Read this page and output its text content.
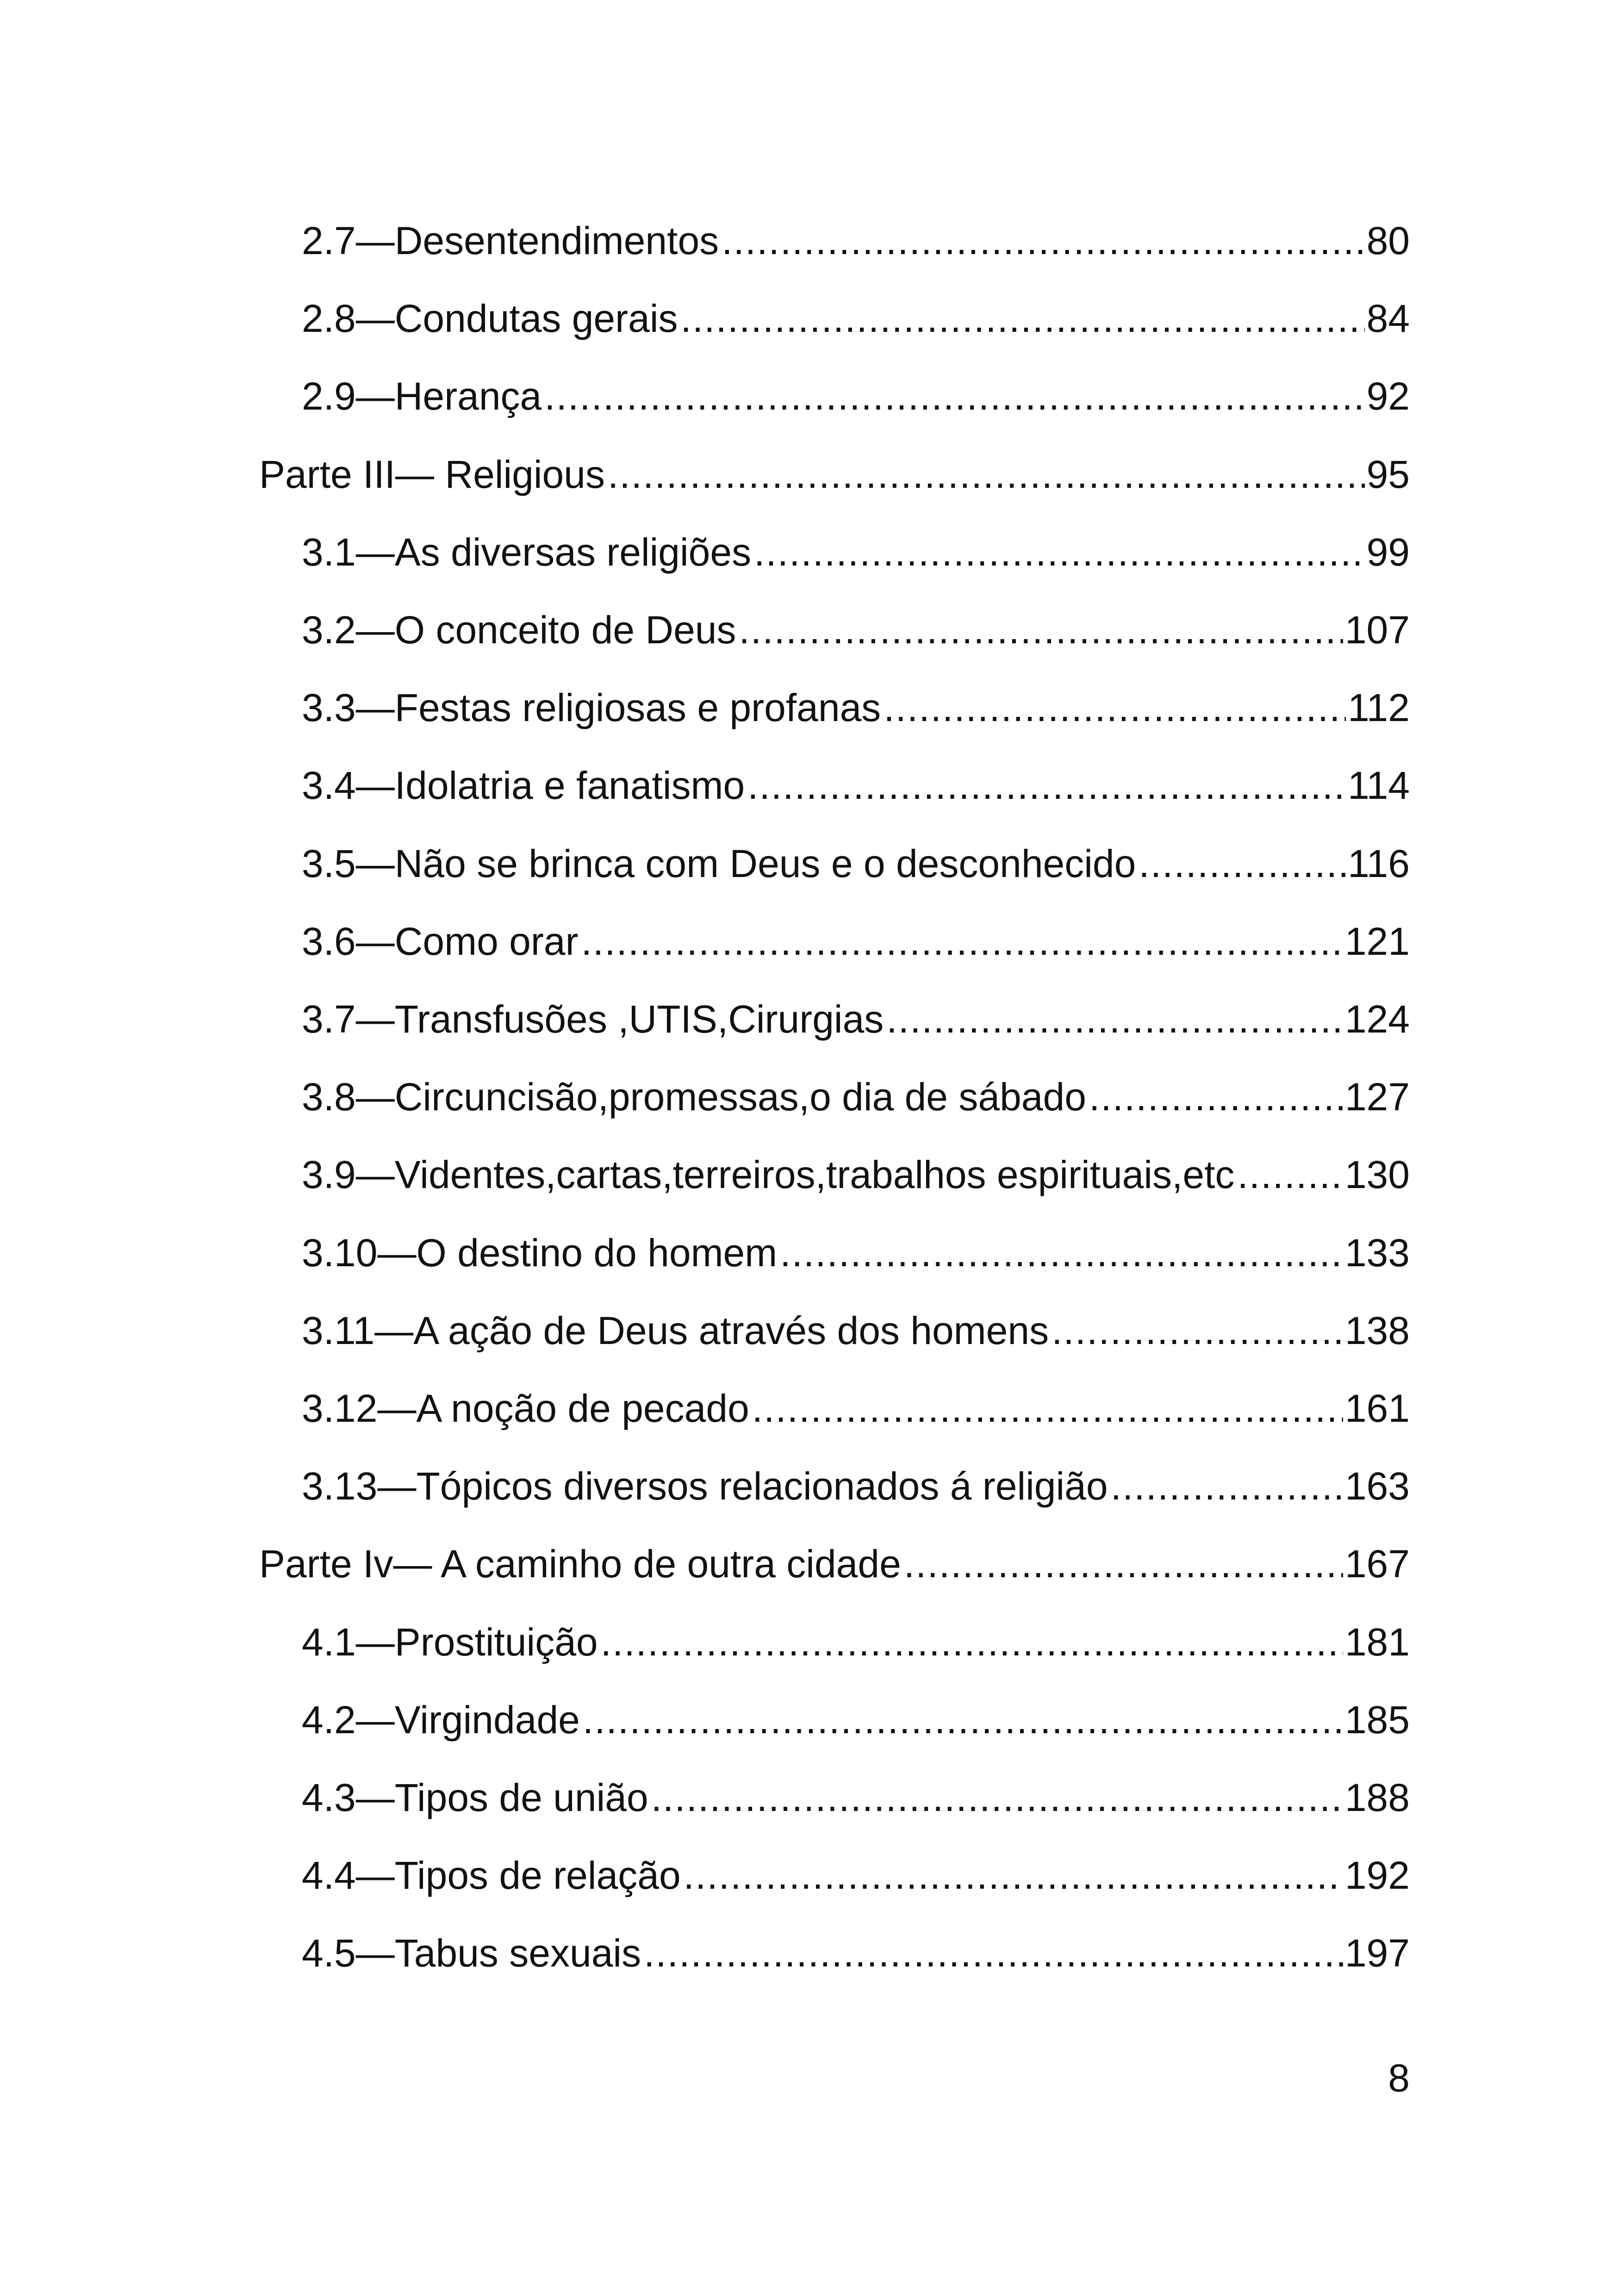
2.7—Desentendimentos .....	80
2.8—Condutas gerais .....	84
2.9—Herança .....	92
Parte III— Religious .....	95
3.1—As diversas religiões .....	99
3.2—O conceito de Deus .....	107
3.3—Festas religiosas e profanas .....	112
3.4—Idolatria e fanatismo .....	114
3.5—Não se brinca com Deus e o desconhecido .....	116
3.6—Como orar .....	121
3.7—Transfusões ,UTIS,Cirurgias .....	124
3.8—Circuncisão,promessas,o dia de sábado .....	127
3.9—Videntes,cartas,terreiros,trabalhos espirituais,etc .....	130
3.10—O destino do homem .....	133
3.11—A ação de Deus através dos homens .....	138
3.12—A noção de pecado .....	161
3.13—Tópicos diversos relacionados á religião .....	163
Parte Iv— A caminho de outra cidade .....	167
4.1—Prostituição .....	181
4.2—Virgindade .....	185
4.3—Tipos de união .....	188
4.4—Tipos de relação .....	192
4.5—Tabus sexuais .....	197
8
